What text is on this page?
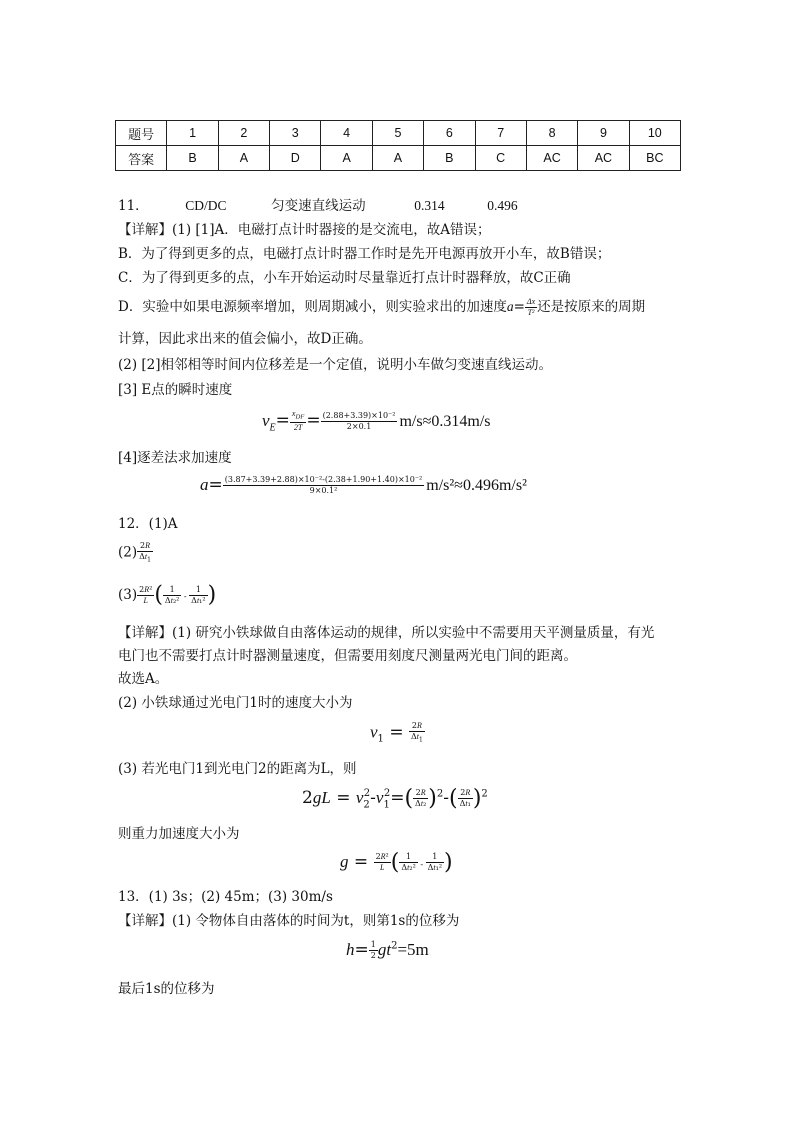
题号	1	2	3	4	5	6	7	8	9	10
答案	B	A	D	A	A	B	C	AC	AC	BC
11．	CD/DC	匀变速直线运动	0.314	0.496
【详解】(1) [1]A．电磁打点计时器接的是交流电，故A错误；
B．为了得到更多的点，电磁打点计时器工作时是先开电源再放开小车，故B错误；
C．为了得到更多的点，小车开始运动时尽量靠近打点计时器释放，故C正确
D．实验中如果电源频率增加，则周期减小，则实验求出的加速度$a= \frac{\Delta x}{\text{T²}}$ 还是按原来的周期
计算，因此求出来的值会偏小，故D正确。
(2) [2]相邻相等时间内位移差是一个定值，说明小车做匀变速直线运动。
[3] E点的瞬时速度
$v_E= \frac{x_{DF}}{2T} = \frac{\text{(2.88+3.39)×10⁻²}}{2\times 0.1} m/s\approx 0.314m/s$
[4]逐差法求加速度
$a= \frac{\text{(3.87+3.39+2.88)×10⁻²-(2.38+1.90+1.40)×10⁻²}}{\text{9×0.1²}} m/s^2\approx 0.496m/s^2$
12．(1)A
$(2) \frac{2R}{\Delta t_1}$
$(3) \frac{\text{2R²}}{L}$ ( $\frac{1}{\text{Δt₂²}} - \frac{1}{\text{Δt₁²}}$ )
【详解】(1) 研究小铁球做自由落体运动的规律，所以实验中不需要用天平测量质量，有光
电门也不需要打点计时器测量速度，但需要用刻度尺测量两光电门间的距离。
故选A。
(2) 小铁球通过光电门1时的速度大小为
$v_1 = \frac{2R}{\Delta t_1}$
(3) 若光电门1到光电门2的距离为L，则
$2gL = v_2^2-v_1^2=( \frac{2R}{\text{Δt₂}} )^2-( \frac{2R}{\text{Δt₁}} )^2$
则重力加速度大小为
$g = \frac{\text{2R²}}{L}$ ( $\frac{1}{\text{Δt₂²}} - \frac{1}{\text{Δt₁²}}$ )
13．(1) 3s；(2) 45m；(3) 30m/s
【详解】(1) 令物体自由落体的时间为t，则第1s的位移为
$h= \frac{1}{2} gt^2=5m$
最后1s的位移为
